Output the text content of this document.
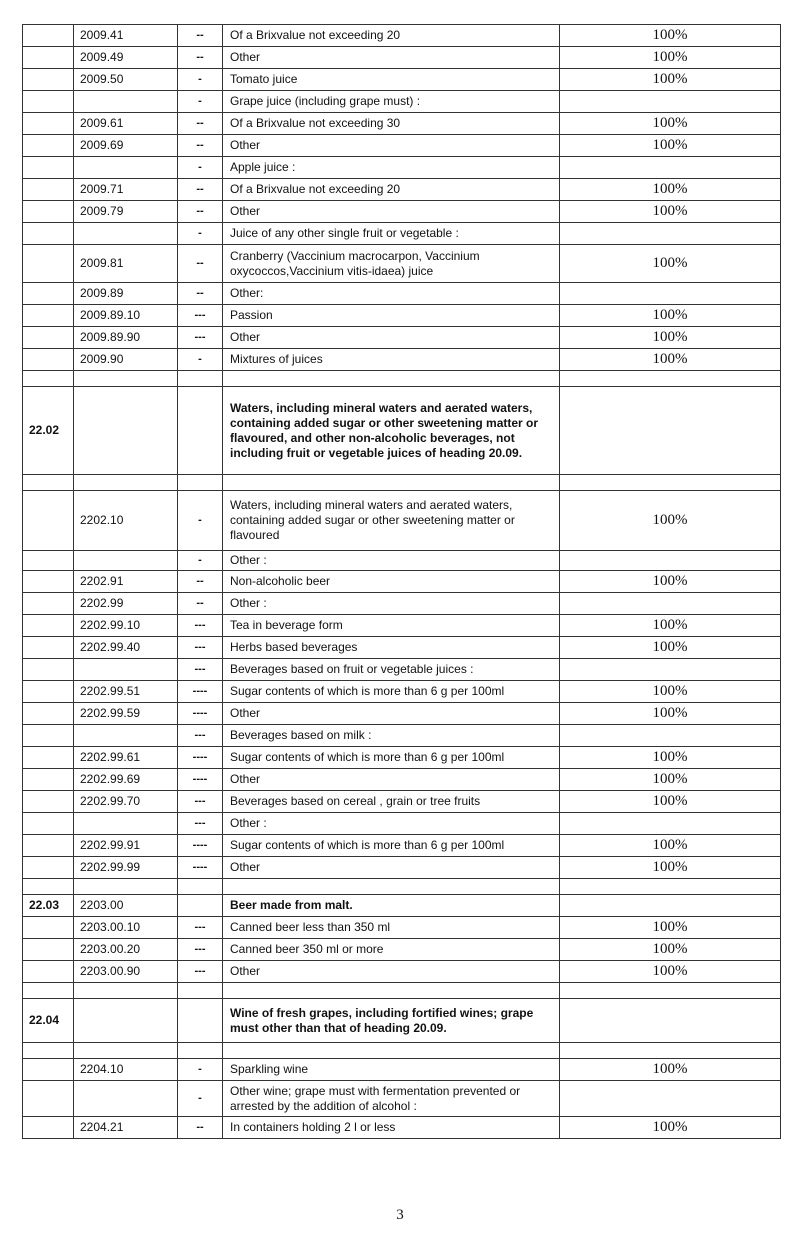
	2009.41	--	Of a Brixvalue not exceeding 20	100%
	2009.49	--	Other	100%
	2009.50	-	Tomato juice	100%
		-	Grape juice (including grape must) :	
	2009.61	--	Of a Brixvalue not exceeding 30	100%
	2009.69	--	Other	100%
		-	Apple juice :	
	2009.71	--	Of a Brixvalue not exceeding 20	100%
	2009.79	--	Other	100%
		-	Juice of any other single fruit or vegetable :	
	2009.81	--	Cranberry (Vaccinium macrocarpon, Vaccinium oxycoccos,Vaccinium vitis-idaea) juice	100%
	2009.89	--	Other:	
	2009.89.10	---	Passion	100%
	2009.89.90	---	Other	100%
	2009.90	-	Mixtures of juices	100%

22.02			Waters, including mineral waters and aerated waters, containing added sugar or other sweetening matter or flavoured, and other non-alcoholic beverages, not including fruit or vegetable juices of heading 20.09.	

	2202.10	-	Waters, including mineral waters and aerated waters, containing added sugar or other sweetening matter or flavoured	100%
		-	Other :	
	2202.91	--	Non-alcoholic beer	100%
	2202.99	--	Other :	
	2202.99.10	---	Tea in beverage form	100%
	2202.99.40	---	Herbs based beverages	100%
		---	Beverages based on fruit or vegetable juices :	
	2202.99.51	----	Sugar contents of which is more than 6 g per 100ml	100%
	2202.99.59	----	Other	100%
		---	Beverages based on milk :	
	2202.99.61	----	Sugar contents of which is more than 6 g per 100ml	100%
	2202.99.69	----	Other	100%
	2202.99.70	---	Beverages based on cereal , grain or tree fruits	100%
		---	Other :	
	2202.99.91	----	Sugar contents of which is more than 6 g per 100ml	100%
	2202.99.99	----	Other	100%

22.03	2203.00		Beer made from malt.	
	2203.00.10	---	Canned beer less than 350 ml	100%
	2203.00.20	---	Canned beer 350 ml or more	100%
	2203.00.90	---	Other	100%

22.04			Wine of fresh grapes, including fortified wines; grape must other than that of heading 20.09.	

	2204.10	-	Sparkling wine	100%
		-	Other wine; grape must with fermentation prevented or arrested by the addition of alcohol :	
	2204.21	--	In containers holding 2 l or less	100%
3
